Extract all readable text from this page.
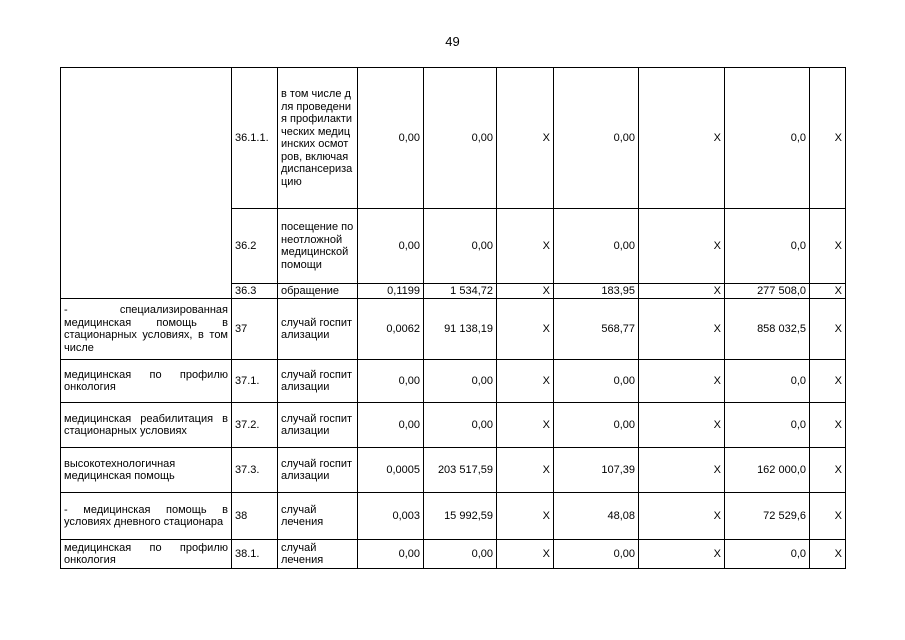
49
	36.1.1.	в том числе для проведения профилактических медицинских осмотров, включая диспансеризацию	0,00	0,00	X	0,00	X	0,0	X
	36.2	посещение по неотложной медицинской помощи	0,00	0,00	X	0,00	X	0,0	X
	36.3	обращение	0,1199	1 534,72	X	183,95	X	277 508,0	X
- специализированная медицинская помощь в стационарных условиях, в том числе	37	случай госпитализации	0,0062	91 138,19	X	568,77	X	858 032,5	X
медицинская по профилю онкология	37.1.	случай госпитализации	0,00	0,00	X	0,00	X	0,0	X
медицинская реабилитация в стационарных условиях	37.2.	случай госпитализации	0,00	0,00	X	0,00	X	0,0	X
высокотехнологичная медицинская помощь	37.3.	случай госпитализации	0,0005	203 517,59	X	107,39	X	162 000,0	X
- медицинская помощь в условиях дневного стационара	38	случай лечения	0,003	15 992,59	X	48,08	X	72 529,6	X
медицинская по профилю онкология	38.1.	случай лечения	0,00	0,00	X	0,00	X	0,0	X
